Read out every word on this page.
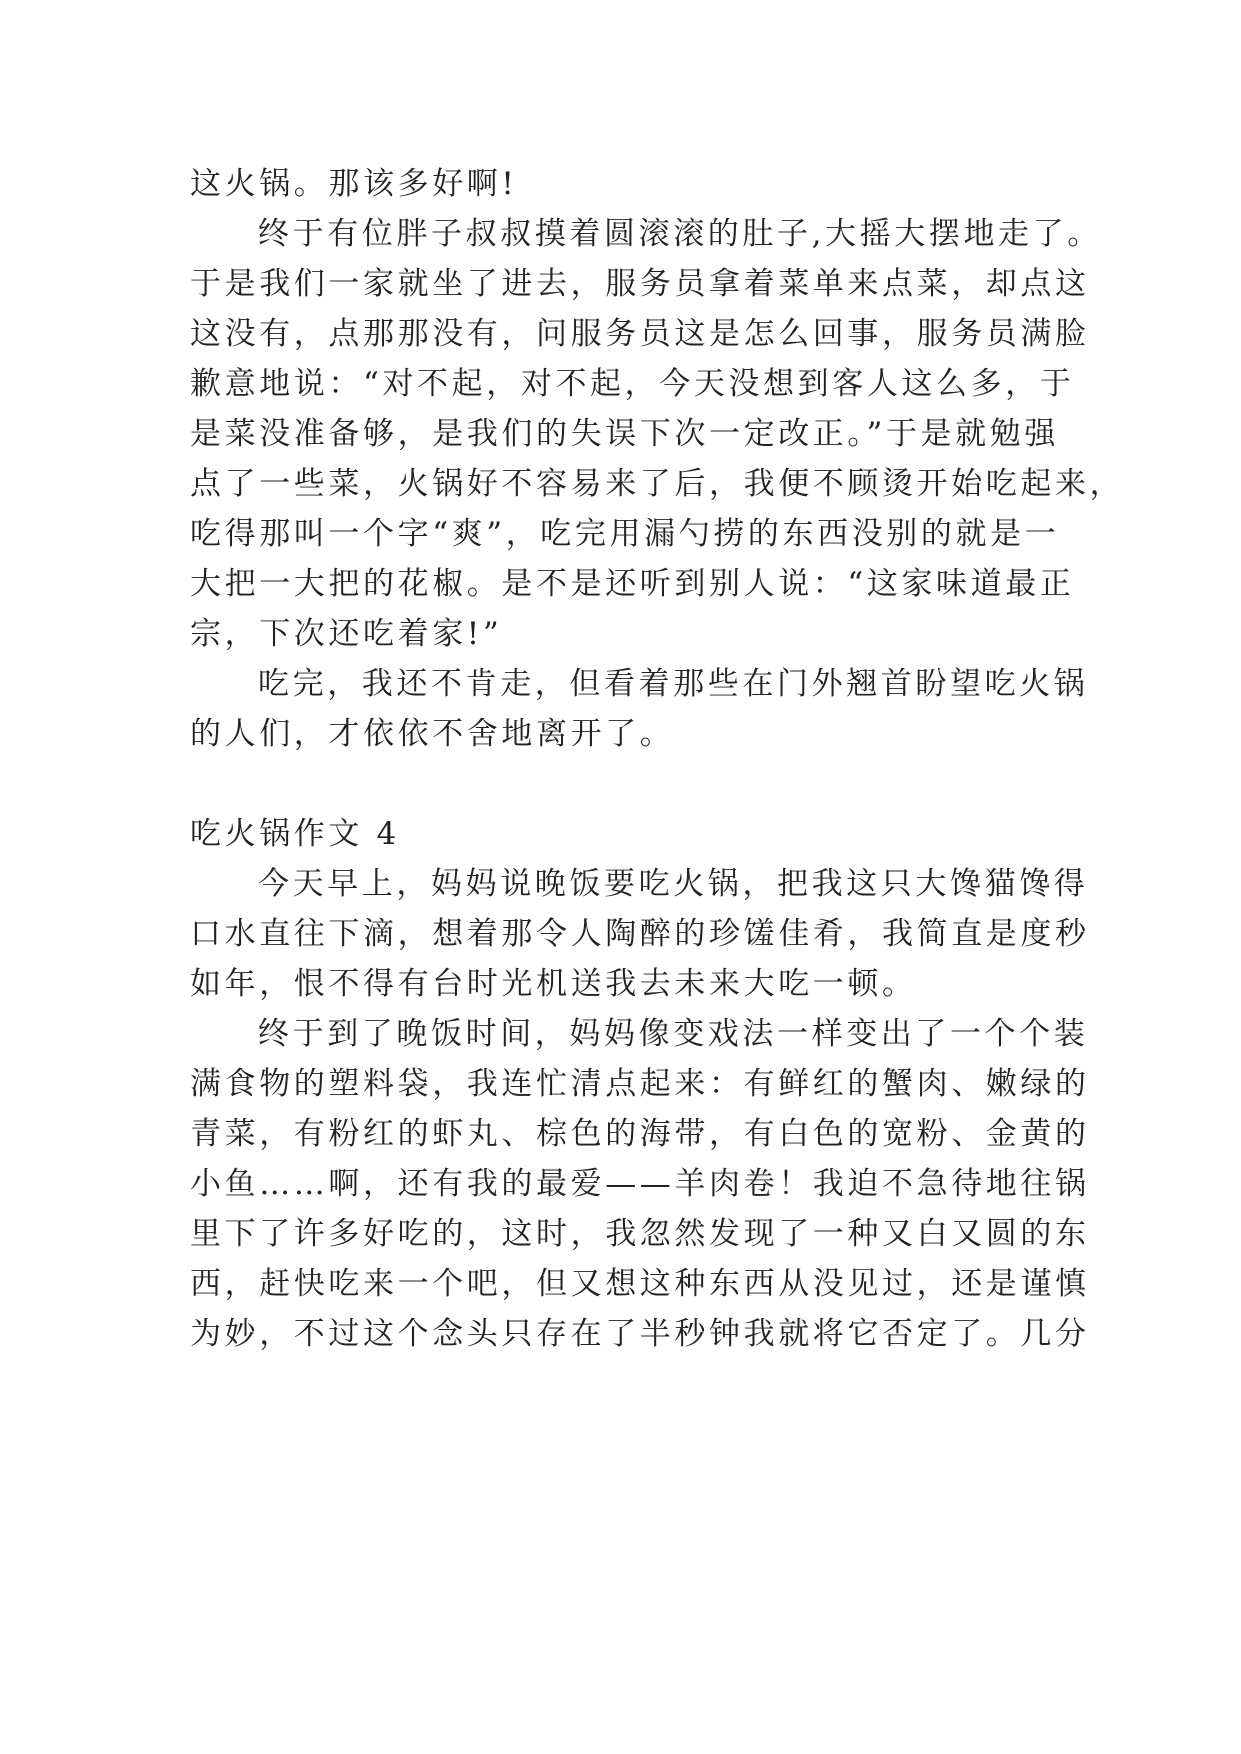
这火锅。那该多好啊!
终于有位胖子叔叔摸着圆滚滚的肚子,大摇大摆地走了。
于是我们一家就坐了进去，服务员拿着菜单来点菜，却点这
这没有，点那那没有，问服务员这是怎么回事，服务员满脸
歉意地说：“对不起，对不起，今天没想到客人这么多，于
是菜没准备够，是我们的失误下次一定改正。”于是就勉强
点了一些菜，火锅好不容易来了后，我便不顾烫开始吃起来，
吃得那叫一个字“爽”，吃完用漏勺捞的东西没别的就是一
大把一大把的花椒。是不是还听到别人说：“这家味道最正
宗，下次还吃着家!”
吃完，我还不肯走，但看着那些在门外翘首盼望吃火锅
的人们，才依依不舍地离开了。
吃火锅作文 4
今天早上，妈妈说晚饭要吃火锅，把我这只大馋猫馋得
口水直往下滴，想着那令人陶醉的珍馐佳肴，我简直是度秒
如年，恨不得有台时光机送我去未来大吃一顿。
终于到了晚饭时间，妈妈像变戏法一样变出了一个个装
满食物的塑料袋，我连忙清点起来：有鲜红的蟹肉、嫩绿的
青菜，有粉红的虾丸、棕色的海带，有白色的宽粉、金黄的
小鱼……啊，还有我的最爱——羊肉卷！我迫不急待地往锅
里下了许多好吃的，这时，我忽然发现了一种又白又圆的东
西，赶快吃来一个吧，但又想这种东西从没见过，还是谨慎
为妙，不过这个念头只存在了半秒钟我就将它否定了。几分
